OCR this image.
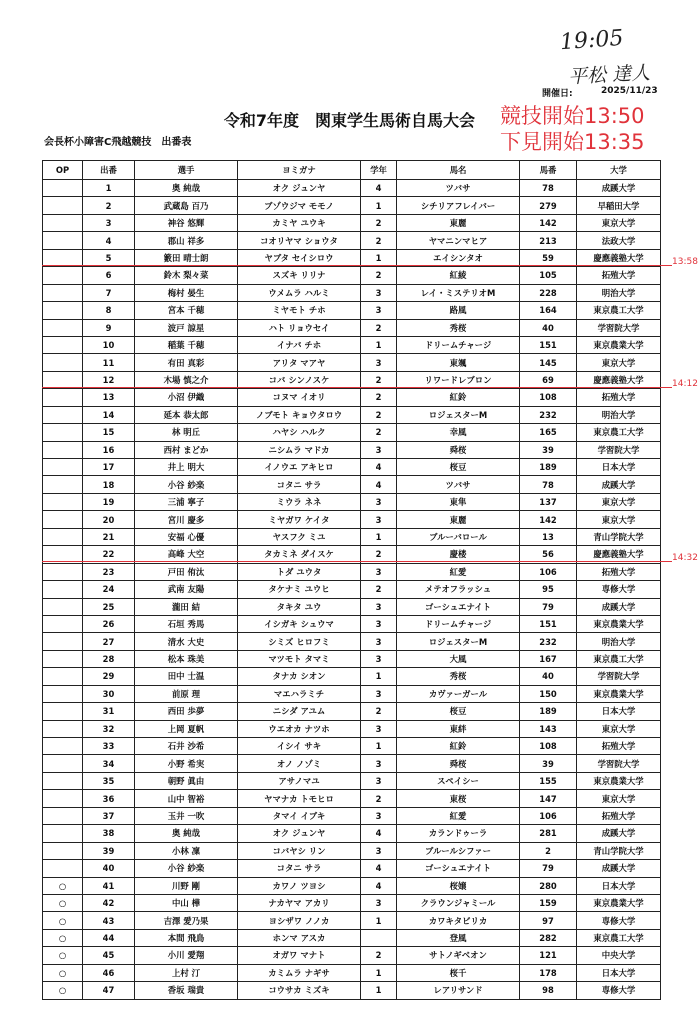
19:05
平松 達人
開催日:	2025/11/23
令和7年度　関東学生馬術自馬大会	競技開始13:50
下見開始13:35
会長杯小障害C飛越競技　出番表
OP	出番	選手	ヨミガナ	学年	馬名	馬番	大学
	1	奥 純哉	オク ジュンヤ	4	ツバサ	78	成蹊大学
	2	武蔵島 百乃	ブゾウジマ モモノ	1	シチリアフレイバー	279	早稲田大学
	3	神谷 悠輝	カミヤ ユウキ	2	東麗	142	東京大学
	4	郡山 祥多	コオリヤマ ショウタ	2	ヤマニンマヒア	213	法政大学
	5	籔田 晴士朗	ヤブタ セイシロウ	1	エイシンタオ	59	慶應義塾大学
	6	鈴木 梨々菜	スズキ リリナ	2	紅綾	105	拓殖大学
	7	梅村 晏生	ウメムラ ハルミ	3	レイ・ミステリオM	228	明治大学
	8	宮本 千穂	ミヤモト チホ	3	路風	164	東京農工大学
	9	波戸 諒星	ハト リョウセイ	2	秀桜	40	学習院大学
	10	稲葉 千穂	イナバ チホ	1	ドリームチャージ	151	東京農業大学
	11	有田 真彩	アリタ マアヤ	3	東颯	145	東京大学
	12	木場 慎之介	コバ シンノスケ	2	リワードレブロン	69	慶應義塾大学
	13	小沼 伊織	コヌマ イオリ	2	紅鈴	108	拓殖大学
	14	延本 恭太郎	ノブモト キョウタロウ	2	ロジェスターM	232	明治大学
	15	林 明丘	ハヤシ ハルク	2	幸風	165	東京農工大学
	16	西村 まどか	ニシムラ マドカ	3	舜桜	39	学習院大学
	17	井上 明大	イノウエ アキヒロ	4	桜豆	189	日本大学
	18	小谷 紗楽	コタニ サラ	4	ツバサ	78	成蹊大学
	19	三浦 寧子	ミウラ ネネ	3	東隼	137	東京大学
	20	宮川 慶多	ミヤガワ ケイタ	3	東麗	142	東京大学
	21	安福 心優	ヤスフク ミユ	1	ブルーバロール	13	青山学院大学
	22	高峰 大空	タカミネ ダイスケ	2	慶楼	56	慶應義塾大学
	23	戸田 侑汰	トダ ユウタ	3	紅愛	106	拓殖大学
	24	武南 友陽	タケナミ ユウヒ	2	メテオフラッシュ	95	専修大学
	25	瀧田 結	タキタ ユウ	3	ゴーシュエナイト	79	成蹊大学
	26	石垣 秀馬	イシガキ シュウマ	3	ドリームチャージ	151	東京農業大学
	27	清水 大史	シミズ ヒロフミ	3	ロジェスターM	232	明治大学
	28	松本 珠美	マツモト タマミ	3	大風	167	東京農工大学
	29	田中 士温	タナカ シオン	1	秀桜	40	学習院大学
	30	前原 理	マエハラミチ	3	カヴァーガール	150	東京農業大学
	31	西田 歩夢	ニシダ アユム	2	桜豆	189	日本大学
	32	上岡 夏帆	ウエオカ ナツホ	3	東絆	143	東京大学
	33	石井 沙希	イシイ サキ	1	紅鈴	108	拓殖大学
	34	小野 希実	オノ ノゾミ	3	舜桜	39	学習院大学
	35	朝野 眞由	アサノマユ	3	スペイシー	155	東京農業大学
	36	山中 智裕	ヤマナカ トモヒロ	2	東桜	147	東京大学
	37	玉井 一吹	タマイ イブキ	3	紅愛	106	拓殖大学
	38	奥 純哉	オク ジュンヤ	4	カランドゥーラ	281	成蹊大学
	39	小林 凜	コバヤシ リン	3	ブルールシファー	2	青山学院大学
	40	小谷 紗楽	コタニ サラ	4	ゴーシュエナイト	79	成蹊大学
○	41	川野 剛	カワノ ツヨシ	4	桜嬢	280	日本大学
○	42	中山 樺	ナカヤマ アカリ	3	クラウンジャミール	159	東京農業大学
○	43	吉澤 愛乃果	ヨシザワ ノノカ	1	カワキタビリカ	97	専修大学
○	44	本間 飛鳥	ホンマ アスカ		登風	282	東京農工大学
○	45	小川 愛翔	オガワ マナト	2	サトノギベオン	121	中央大学
○	46	上村 汀	カミムラ ナギサ	1	桜千	178	日本大学
○	47	香坂 瑞貴	コウサカ ミズキ	1	レアリサンド	98	専修大学
13:58
14:12
14:32
